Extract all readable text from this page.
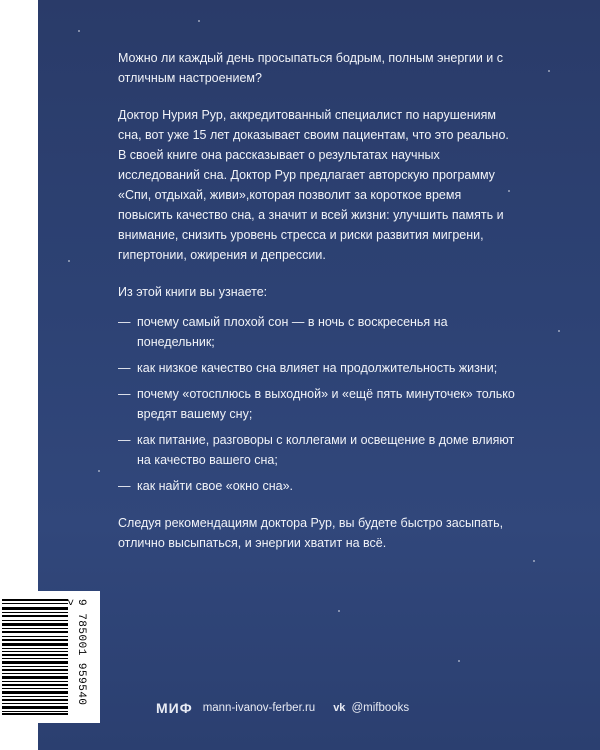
Можно ли каждый день просыпаться бодрым, полным энергии и с отличным настроением?

Доктор Нурия Рур, аккредитованный специалист по нарушениям сна, вот уже 15 лет доказывает своим пациентам, что это реально. В своей книге она рассказывает о результатах научных исследований сна. Доктор Рур предлагает авторскую программу «Спи, отдыхай, живи»,которая позволит за короткое время повысить качество сна, а значит и всей жизни: улучшить память и внимание, снизить уровень стресса и риски развития мигрени, гипертонии, ожирения и депрессии.

Из этой книги вы узнаете:

— почему самый плохой сон — в ночь с воскресенья на понедельник;
— как низкое качество сна влияет на продолжительность жизни;
— почему «отосплюсь в выходной» и «ещё пять минуточек» только вредят вашему сну;
— как питание, разговоры с коллегами и освещение в доме влияют на качество вашего сна;
— как найти свое «окно сна».

Следуя рекомендациям доктора Рур, вы будете быстро засыпать, отлично высыпаться, и энергии хватит на всё.

МИФ mann-ivanov-ferber.ru vk @mifbooks
9 785001 959540 >
